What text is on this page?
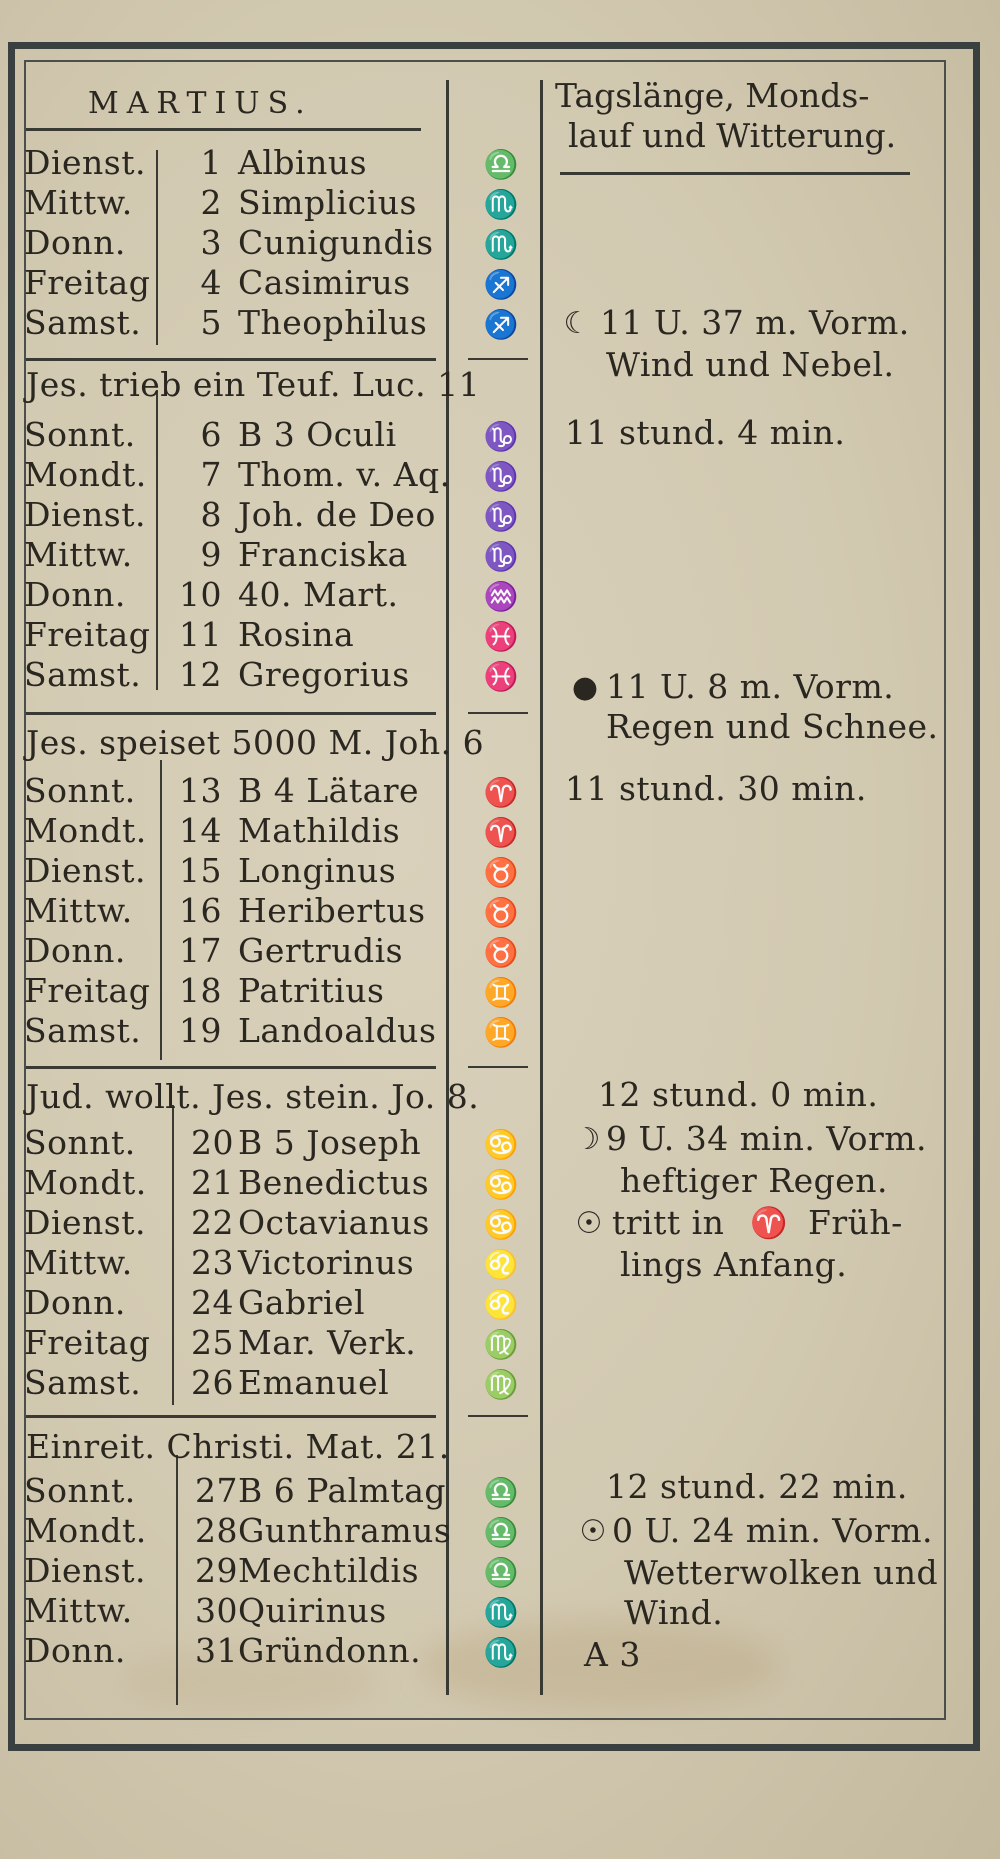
MARTIUS.	Tagslänge, Monds-
lauf und Witterung.
Dienst.	1 Albinus	♎
Mittw.	2 Simplicius	♏
Donn.	3 Cunigundis	♏
Freitag	4 Casimirus	♐
Samst.	5 Theophilus	♐
Jes. trieb ein Teuf. Luc. 11
Sonnt.	6 B 3 Oculi	♑
Mondt.	7 Thom. v. Aq.	♑
Dienst.	8 Joh. de Deo	♑
Mittw.	9 Franciska	♑
Donn.	10 40. Mart.	♒
Freitag 11 Rosina	♓
Samst.	12 Gregorius	♓
Jes. speiset 5000 M. Joh. 6
Sonnt.	13 B 4 Lätare	♈
Mondt. 14 Mathildis	♈
Dienst.	15 Longinus	♉
Mittw.	16 Heribertus	♉
Donn.	17 Gertrudis	♉
Freitag 18 Patritius	♊
Samst.	19 Landoaldus	♊
Jud. wollt. Jes. stein. Jo. 8.
Sonnt.	20 B 5 Joseph	♋
Mondt.	21 Benedictus	♋
Dienst.	22 Octavianus	♋
Mittw.	23 Victorinus	♌
Donn.	24 Gabriel	♌
Freitag	25 Mar. Verk.	♍
Samst.	26 Emanuel	♍
Einreit. Christi. Mat. 21.
Sonnt.	27 B 6 Palmtag	♎
Mondt.	28 Gunthramus	♎
Dienst.	29 Mechtildis	♎
Mittw.	30 Quirinus	♏
Donn.	31 Gründonn.	♏
☾ 11 U. 37 m. Vorm.
Wind und Nebel.
11 stund. 4 min.
● 11 U. 8 m. Vorm.
Regen und Schnee.
11 stund. 30 min.
12 stund. 0 min.
☽ 9 U. 34 min. Vorm.
heftiger Regen.
☉ tritt in ♈ Früh-
lings Anfang.
12 stund. 22 min.
☉ 0 U. 24 min. Vorm.
Wetterwolken und
Wind.
A 3
